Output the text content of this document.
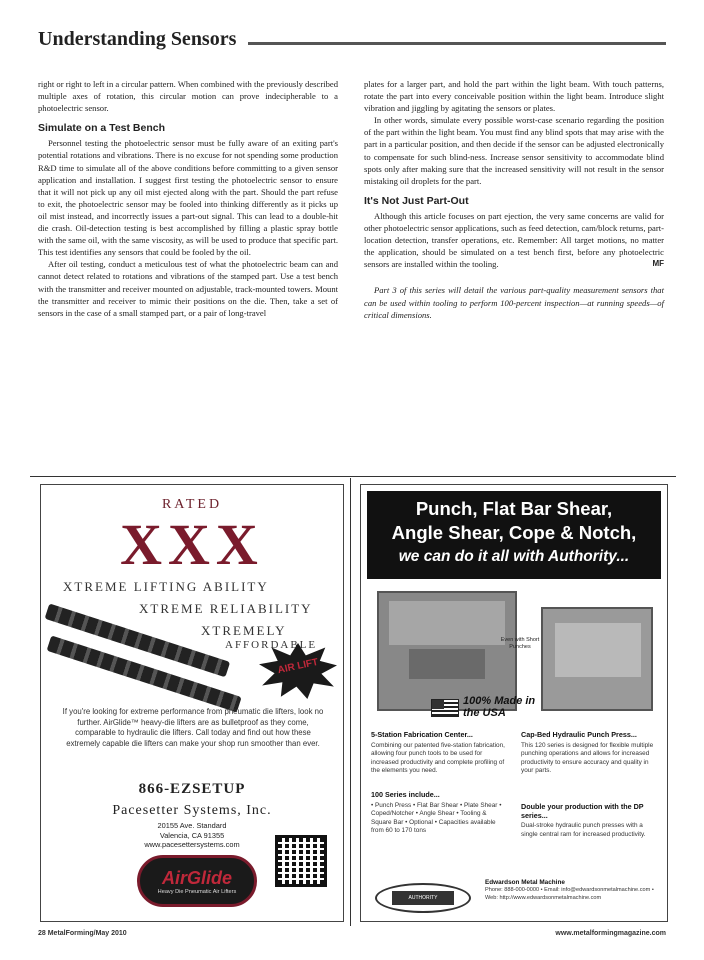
Understanding Sensors

right or right to left in a circular pattern. When combined with the previously described multiple axes of rotation, this circular motion can prove indecipherable to a photoelectric sensor.

Simulate on a Test Bench

Personnel testing the photoelectric sensor must be fully aware of an exiting part's potential rotations and vibrations. There is no excuse for not spending some production R&D time to simulate all of the above conditions before committing to a given sensor application and installation. I suggest first testing the photoelectric sensor to ensure that it will not pick up any oil mist ejected along with the part. Should the part refuse to exit, the photoelectric sensor may be fooled into thinking differently as it picks up oil mist instead, and incorrectly issues a part-out signal. This can lead to a double-hit die crash. Oil-detection testing is best accomplished by filling a plastic spray bottle with the same oil, with the same viscosity, as will be used to produce that specific part. This test identifies any sensors that could be fooled by the oil.

After oil testing, conduct a meticulous test of what the photoelectric beam can and cannot detect related to rotations and vibrations of the stamped part. Use a test bench with the transmitter and receiver mounted on adjustable, track-mounted towers. Mount the transmitter and receiver to mimic their positions on the die. Then, take a set of sensors in the case of a small stamped part, or a pair of long-travel

plates for a larger part, and hold the part within the light beam. With touch patterns, rotate the part into every conceivable position within the light beam. Introduce slight vibration and jiggling by agitating the sensors or plates.

In other words, simulate every possible worst-case scenario regarding the position of the part within the light beam. You must find any blind spots that may arise with the part in a particular position, and then decide if the sensor can be adjusted electronically to compensate for such blind-ness. Increase sensor sensitivity to accommodate blind spots only after making sure that the increased sensitivity will not result in the sensor mistaking oil droplets for the part.

It's Not Just Part-Out

Although this article focuses on part ejection, the very same concerns are valid for other photoelectric sensor applications, such as feed detection, cam/block returns, part-location detection, transfer operations, etc. Remember: All target motions, no matter the application, should be simulated on a test bench first, before any photoelectric sensors are installed within the tooling.	MF

Part 3 of this series will detail the various part-quality measurement sensors that can be used within tooling to perform 100-percent inspection—at running speeds—of critical dimensions.

RATED
XXX
XTREME LIFTING ABILITY
XTREME RELIABILITY
XTREMELY
AFFORDABLE
AIR LIFT
If you're looking for extreme performance from pneumatic die lifters, look no further. AirGlide™ heavy-die lifters are as bulletproof as they come, comparable to hydraulic die lifters. Call today and find out how these extremely capable die lifters can make your shop run smoother than ever.
866-EZSETUP
Pacesetter Systems, Inc.
20155 Ave. Standard
Valencia, CA 91355
www.pacesettersystems.com
AirGlide
Heavy Die Pneumatic Air Lifters
Punch, Flat Bar Shear,
Angle Shear, Cope & Notch,
we can do it all with Authority...
Even with Short Punches
100% Made in the USA
5-Station Fabrication Center...
Combining our patented five-station fabrication, allowing four punch tools to be used for increased productivity and complete profiling of the elements you need.
100 Series include...
• Punch Press • Flat Bar Shear • Plate Shear • Coped/Notcher • Angle Shear • Tooling & Square Bar • Optional • Capacities available from 60 to 170 tons
Cap-Bed Hydraulic Punch Press...
This 120 series is designed for flexible multiple punching operations and allows for increased productivity to ensure accuracy and quality in your parts.
Double your production with the DP series...
Dual-stroke hydraulic punch presses with a single central ram for increased productivity.
AUTHORITY
Edwardson Metal Machine
Phone: 888-000-0000 • Email: info@edwardsonmetalmachine.com • Web: http://www.edwardsonmetalmachine.com
28 MetalForming/May 2010	www.metalformingmagazine.com
